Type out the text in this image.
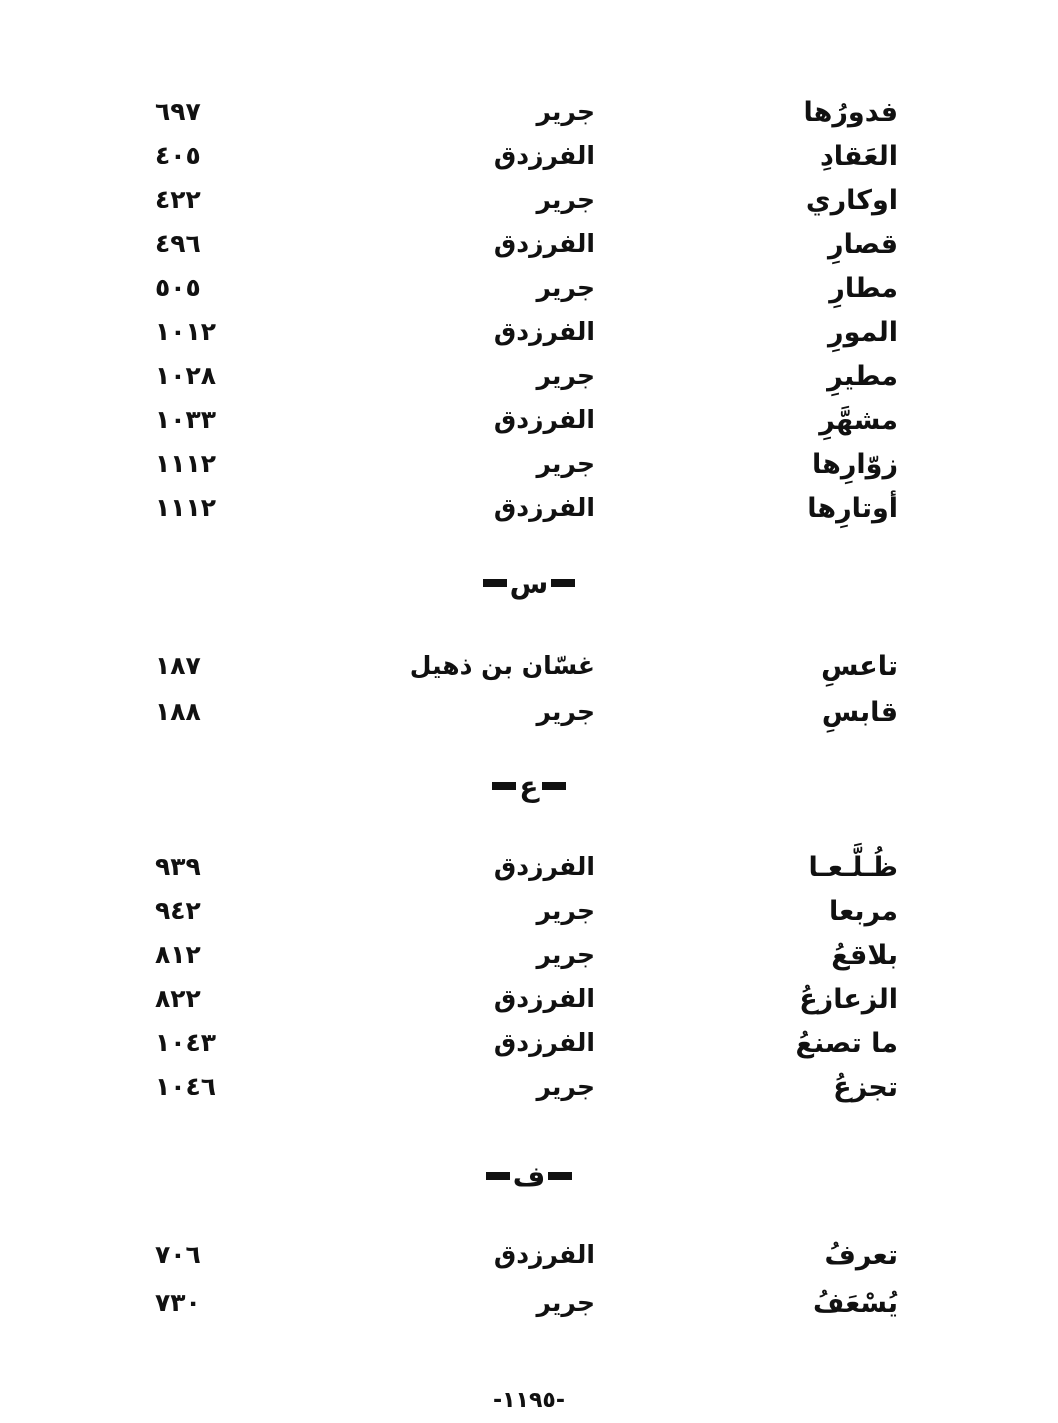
فدورُها
جرير
٦٩٧
العَقادِ
الفرزدق
٤٠٥
اوكاري
جرير
٤٢٢
قصارِ
الفرزدق
٤٩٦
مطارِ
جرير
٥٠٥
المورِ
الفرزدق
١٠١٢
مطيرِ
جرير
١٠٢٨
مشهَّرِ
الفرزدق
١٠٣٣
زوّارِها
جرير
١١١٢
أوتارِها
الفرزدق
١١١٢
س
تاعسِ
غسّان بن ذهيل
١٨٧
قابسِ
جرير
١٨٨
ع
ظُـلَّـعـا
الفرزدق
٩٣٩
مربعا
جرير
٩٤٢
بلاقعُ
جرير
٨١٢
الزعازعُ
الفرزدق
٨٢٢
ما تصنعُ
الفرزدق
١٠٤٣
تجزعُ
جرير
١٠٤٦
ف
تعرفُ
الفرزدق
٧٠٦
يُسْعَفُ
جرير
٧٣٠
-١١٩٥-
